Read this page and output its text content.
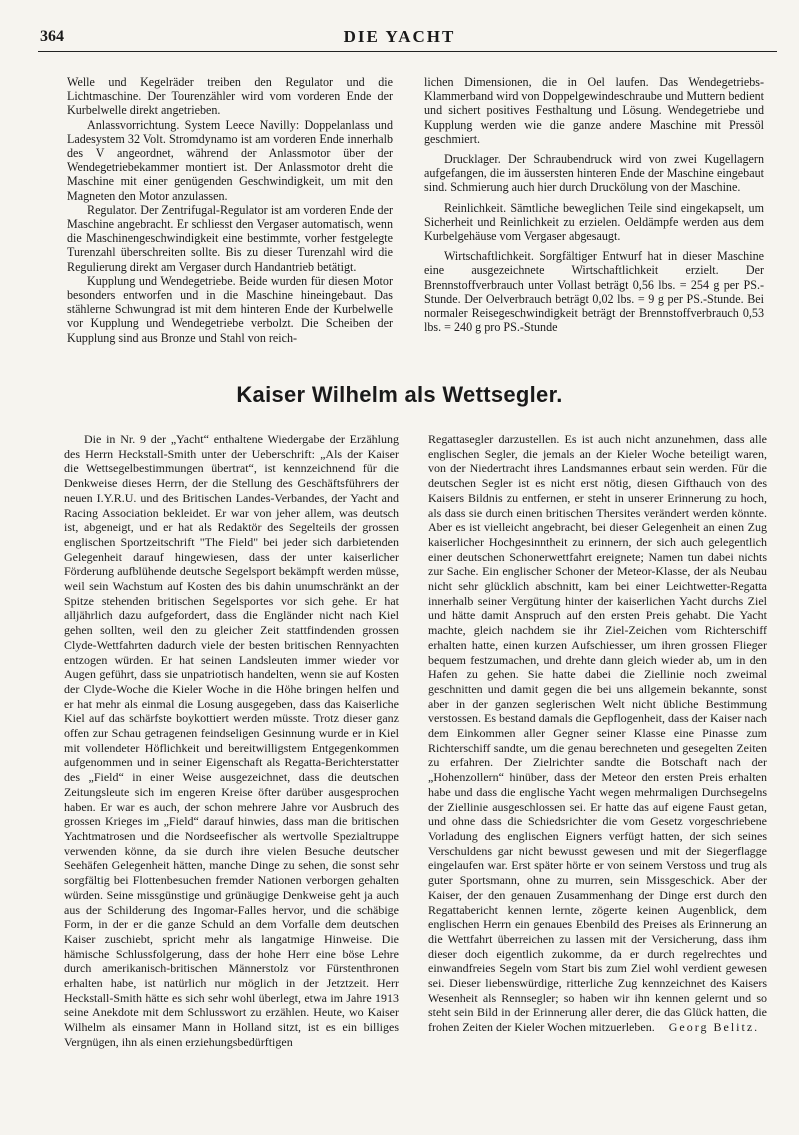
364	DIE YACHT

Welle und Kegelräder treiben den Regulator und die Lichtmaschine. Der Tourenzähler wird vom vorderen Ende der Kurbelwelle direkt angetrieben.

Anlassvorrichtung. System Leece Navilly: Doppelanlass und Ladesystem 32 Volt. Stromdynamo ist am vorderen Ende innerhalb des V angeordnet, während der Anlassmotor über der Wendegetriebekammer montiert ist. Der Anlassmotor dreht die Maschine mit einer genügenden Geschwindigkeit, um mit den Magneten den Motor anzulassen.

Regulator. Der Zentrifugal-Regulator ist am vorderen Ende der Maschine angebracht. Er schliesst den Vergaser automatisch, wenn die Maschinengeschwindigkeit eine bestimmte, vorher festgelegte Turenzahl überschreiten sollte. Bis zu dieser Turenzahl wird die Regulierung direkt am Vergaser durch Handantrieb betätigt.

Kupplung und Wendegetriebe. Beide wurden für diesen Motor besonders entworfen und in die Maschine hineingebaut. Das stählerne Schwungrad ist mit dem hinteren Ende der Kurbelwelle vor Kupplung und Wendegetriebe verbolzt. Die Scheiben der Kupplung sind aus Bronze und Stahl von reich-

lichen Dimensionen, die in Oel laufen. Das Wendegetriebs-Klammerband wird von Doppelgewindeschraube und Muttern bedient und sichert positives Festhaltung und Lösung. Wendegetriebe und Kupplung werden wie die ganze andere Maschine mit Pressöl geschmiert.

Drucklager. Der Schraubendruck wird von zwei Kugellagern aufgefangen, die im äussersten hinteren Ende der Maschine eingebaut sind. Schmierung auch hier durch Druckölung von der Maschine.

Reinlichkeit. Sämtliche beweglichen Teile sind eingekapselt, um Sicherheit und Reinlichkeit zu erzielen. Oeldämpfe werden aus dem Kurbelgehäuse vom Vergaser abgesaugt.

Wirtschaftlichkeit. Sorgfältiger Entwurf hat in dieser Maschine eine ausgezeichnete Wirtschaftlichkeit erzielt. Der Brennstoffverbrauch unter Vollast beträgt 0,56 lbs. = 254 g per PS.-Stunde. Der Oelverbrauch beträgt 0,02 lbs. = 9 g per PS.-Stunde. Bei normaler Reisegeschwindigkeit beträgt der Brennstoffverbrauch 0,53 lbs. = 240 g pro PS.-Stunde

Kaiser Wilhelm als Wettsegler.

Die in Nr. 9 der „Yacht“ enthaltene Wiedergabe der Erzählung des Herrn Heckstall-Smith unter der Ueberschrift: „Als der Kaiser die Wettsegelbestimmungen übertrat“, ist kennzeichnend für die Denkweise dieses Herrn, der die Stellung des Geschäftsführers der neuen I.Y.R.U. und des Britischen Landes-Verbandes, der Yacht and Racing Association bekleidet. Er war von jeher allem, was deutsch ist, abgeneigt, und er hat als Redaktör des Segelteils der grossen englischen Sportzeitschrift "The Field" bei jeder sich darbietenden Gelegenheit darauf hingewiesen, dass der unter kaiserlicher Förderung aufblühende deutsche Segelsport bekämpft werden müsse, weil sein Wachstum auf Kosten des bis dahin unumschränkt an der Spitze stehenden britischen Segelsportes vor sich gehe. Er hat alljährlich dazu aufgefordert, dass die Engländer nicht nach Kiel gehen sollten, weil den zu gleicher Zeit stattfindenden grossen Clyde-Wettfahrten dadurch viele der besten britischen Rennyachten entzogen würden. Er hat seinen Landsleuten immer wieder vor Augen geführt, dass sie unpatriotisch handelten, wenn sie auf Kosten der Clyde-Woche die Kieler Woche in die Höhe bringen helfen und er hat mehr als einmal die Losung ausgegeben, dass das Kaiserliche Kiel auf das schärfste boykottiert werden müsste. Trotz dieser ganz offen zur Schau getragenen feindseligen Gesinnung wurde er in Kiel mit vollendeter Höflichkeit und bereitwilligstem Entgegenkommen aufgenommen und in seiner Eigenschaft als Regatta-Berichterstatter des „Field“ in einer Weise ausgezeichnet, dass die deutschen Zeitungsleute sich im engeren Kreise öfter darüber ausgesprochen haben. Er war es auch, der schon mehrere Jahre vor Ausbruch des grossen Krieges im „Field“ darauf hinwies, dass man die britischen Yachtmatrosen und die Nordseefischer als wertvolle Spezialtruppe verwenden könne, da sie durch ihre vielen Besuche deutscher Seehäfen Gelegenheit hätten, manche Dinge zu sehen, die sonst sehr sorgfältig bei Flottenbesuchen fremder Nationen verborgen gehalten würden. Seine missgünstige und grünäugige Denkweise geht ja auch aus der Schilderung des Ingomar-Falles hervor, und die schäbige Form, in der er die ganze Schuld an dem Vorfalle dem deutschen Kaiser zuschiebt, spricht mehr als langatmige Hinweise. Die hämische Schlussfolgerung, dass der hohe Herr eine böse Lehre durch amerikanisch-britischen Männerstolz vor Fürstenthronen erhalten habe, ist natürlich nur möglich in der Jetztzeit. Herr Heckstall-Smith hätte es sich sehr wohl überlegt, etwa im Jahre 1913 seine Anekdote mit dem Schlusswort zu erzählen. Heute, wo Kaiser Wilhelm als einsamer Mann in Holland sitzt, ist es ein billiges Vergnügen, ihn als einen erziehungsbedürftigen

Regattasegler darzustellen. Es ist auch nicht anzunehmen, dass alle englischen Segler, die jemals an der Kieler Woche beteiligt waren, von der Niedertracht ihres Landsmannes erbaut sein werden. Für die deutschen Segler ist es nicht erst nötig, diesen Gifthauch von des Kaisers Bildnis zu entfernen, er steht in unserer Erinnerung zu hoch, als dass sie durch einen britischen Thersites verändert werden könnte. Aber es ist vielleicht angebracht, bei dieser Gelegenheit an einen Zug kaiserlicher Hochgesinntheit zu erinnern, der sich auch gelegentlich einer deutschen Schonerwettfahrt ereignete; Namen tun dabei nichts zur Sache. Ein englischer Schoner der Meteor-Klasse, der als Neubau nicht sehr glücklich abschnitt, kam bei einer Leichtwetter-Regatta innerhalb seiner Vergütung hinter der kaiserlichen Yacht durchs Ziel und hätte damit Anspruch auf den ersten Preis gehabt. Die Yacht machte, gleich nachdem sie ihr Ziel-Zeichen vom Richterschiff erhalten hatte, einen kurzen Aufschiesser, um ihren grossen Flieger bequem festzumachen, und drehte dann gleich wieder ab, um in den Hafen zu gehen. Sie hatte dabei die Ziellinie noch zweimal geschnitten und damit gegen die bei uns allgemein bekannte, sonst aber in der ganzen seglerischen Welt nicht übliche Bestimmung verstossen. Es bestand damals die Gepflogenheit, dass der Kaiser nach dem Einkommen aller Gegner seiner Klasse eine Pinasse zum Richterschiff sandte, um die genau berechneten und gesegelten Zeiten zu erfahren. Der Zielrichter sandte die Botschaft nach der „Hohenzollern“ hinüber, dass der Meteor den ersten Preis erhalten habe und dass die englische Yacht wegen mehrmaligen Durchsegelns der Ziellinie ausgeschlossen sei. Er hatte das auf eigene Faust getan, und ohne dass die Schiedsrichter die vom Gesetz vorgeschriebene Vorladung des englischen Eigners verfügt hatten, der sich seines Verschuldens gar nicht bewusst gewesen und mit der Siegerflagge eingelaufen war. Erst später hörte er von seinem Verstoss und trug als guter Sportsmann, ohne zu murren, sein Missgeschick. Aber der Kaiser, der den genauen Zusammenhang der Dinge erst durch den Regattabericht kennen lernte, zögerte keinen Augenblick, dem englischen Herrn ein genaues Ebenbild des Preises als Erinnerung an die Wettfahrt überreichen zu lassen mit der Versicherung, dass ihm dieser doch eigentlich zukomme, da er durch regelrechtes und einwandfreies Segeln vom Start bis zum Ziel wohl verdient gewesen sei. Dieser liebenswürdige, ritterliche Zug kennzeichnet des Kaisers Wesenheit als Rennsegler; so haben wir ihn kennen gelernt und so steht sein Bild in der Erinnerung aller derer, die das Glück hatten, die frohen Zeiten der Kieler Wochen mitzuerleben. Georg Belitz.
